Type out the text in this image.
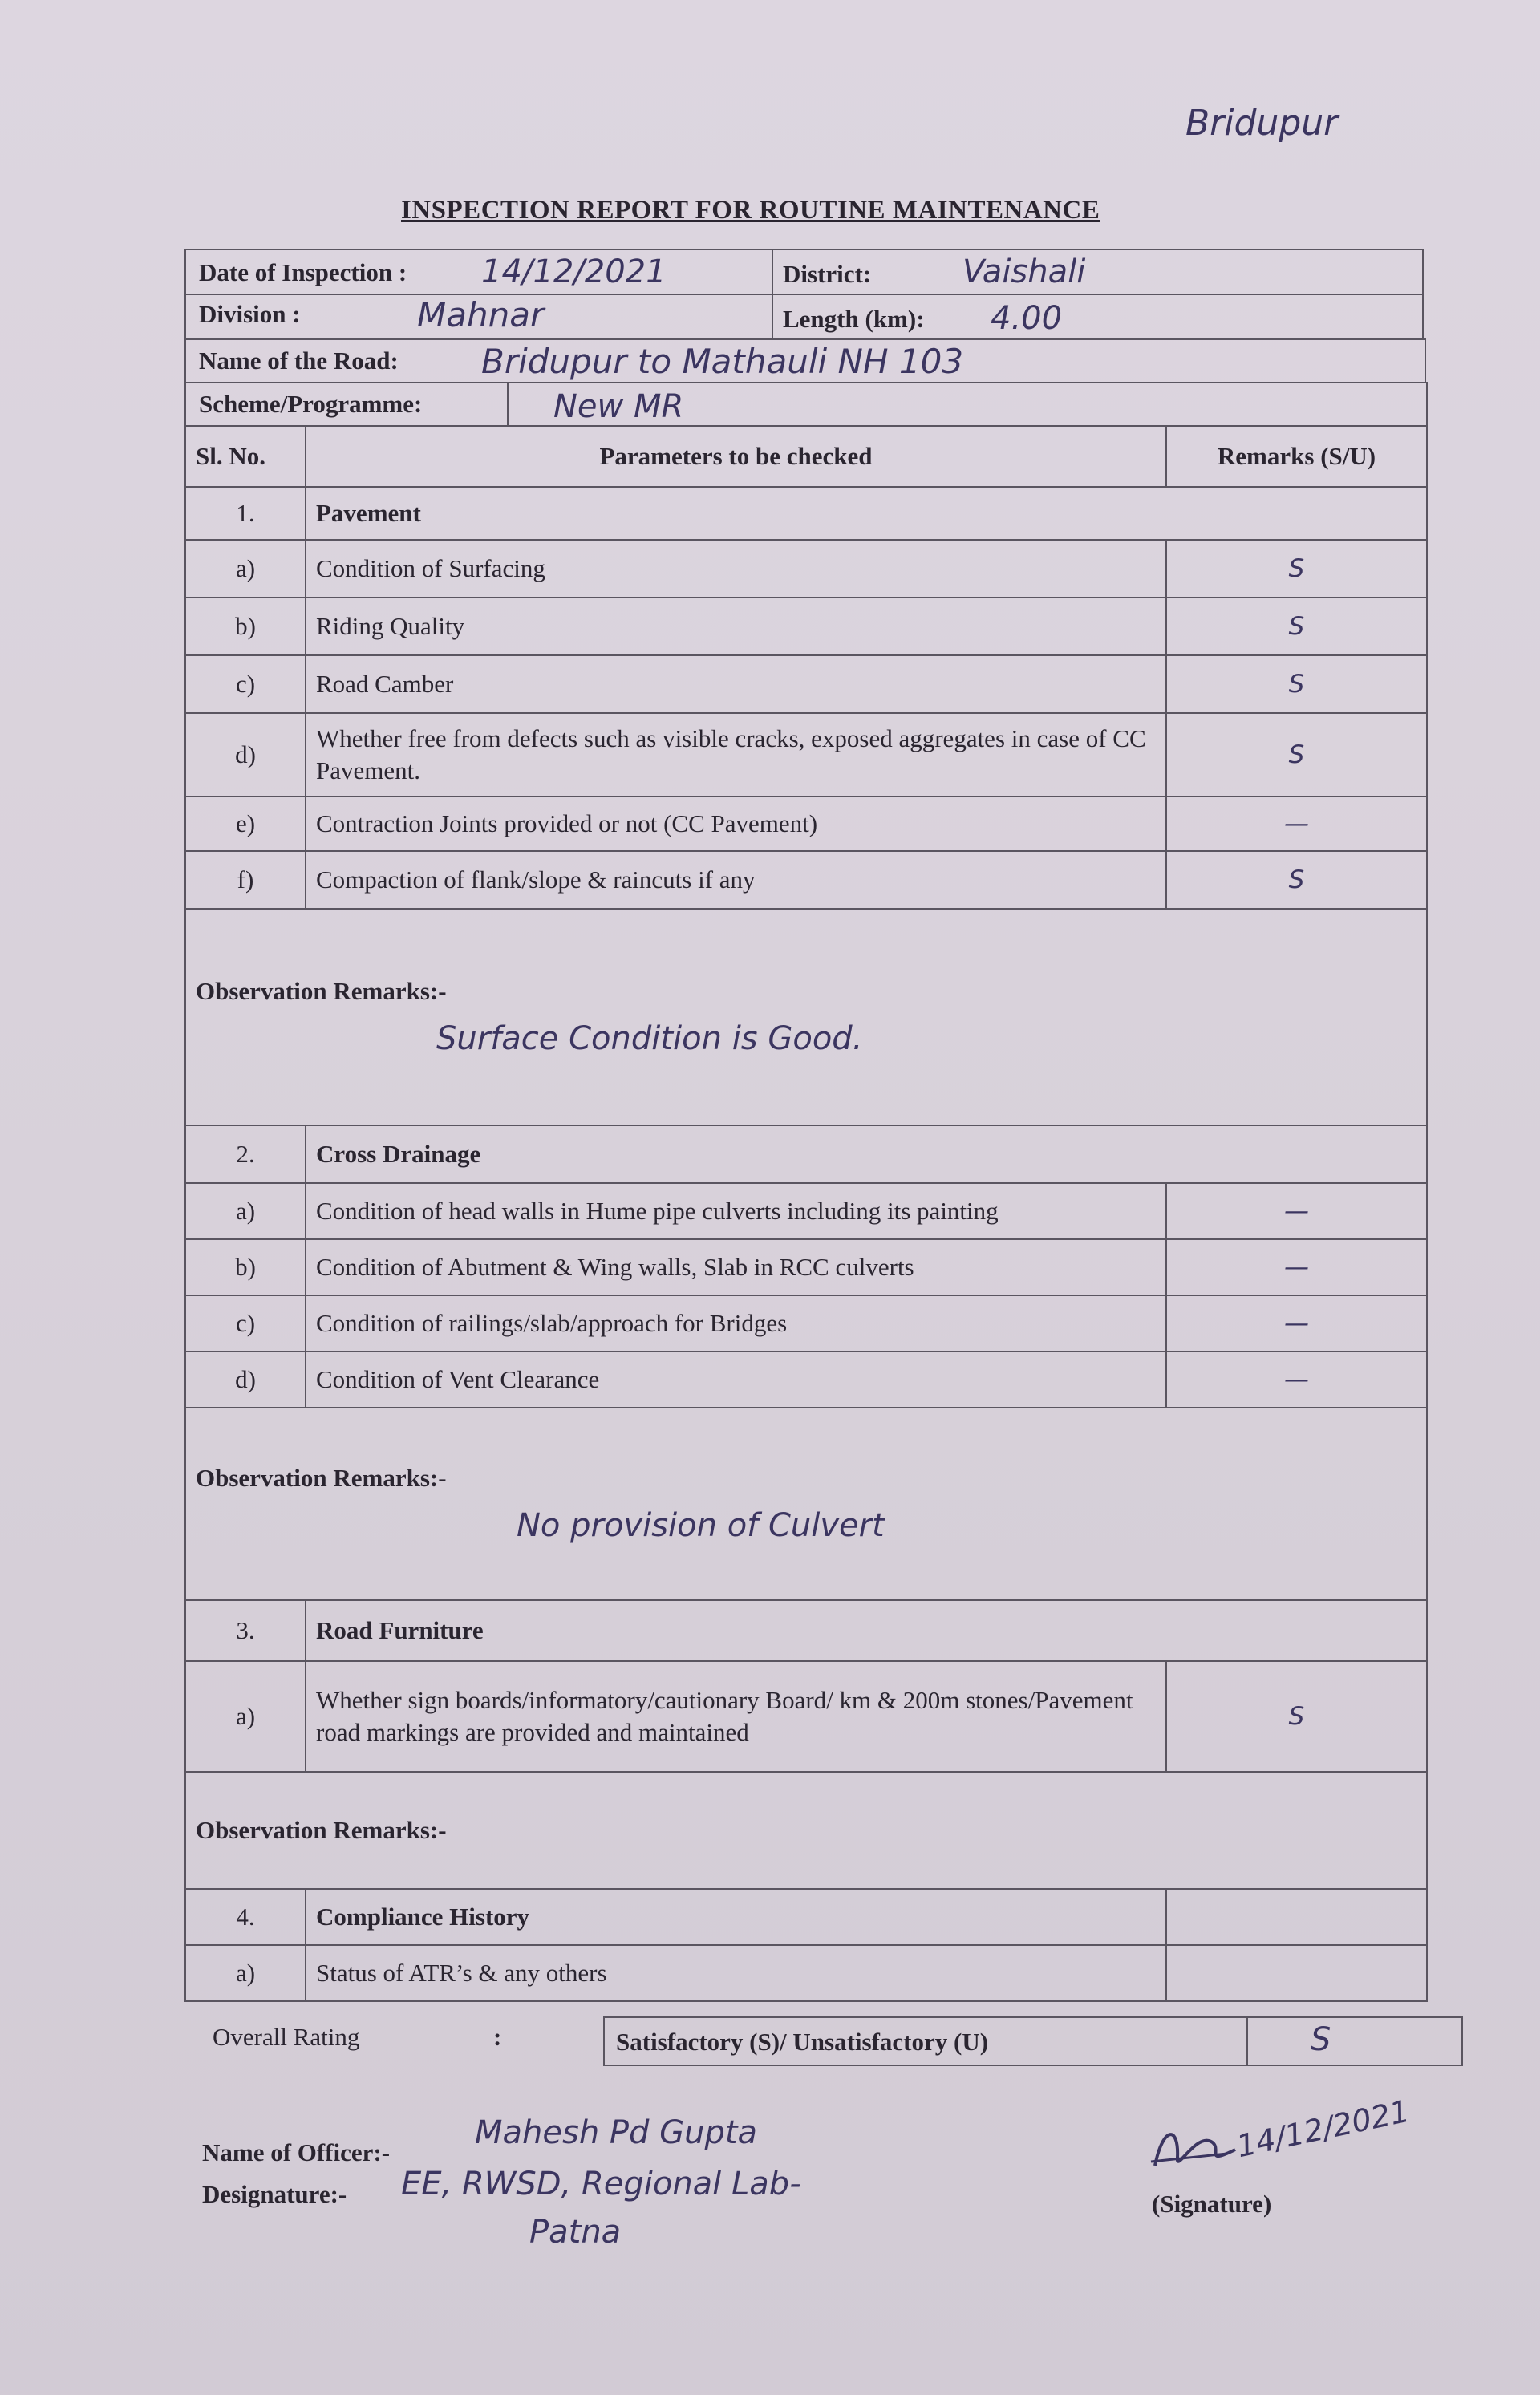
Bridupur
INSPECTION REPORT FOR ROUTINE MAINTENANCE
Date of Inspection : 14/12/2021	District:	Vaishali
Division :	Mahnar	Length (km): 4.00
Name of the Road: Bridupur to Mathauli NH 103
Scheme/Programme:	New MR
Sl. No.	Parameters to be checked	Remarks (S/U)
1.	Pavement	
a)	Condition of Surfacing	S
b)	Riding Quality	S
c)	Road Camber	S
d)	Whether free from defects such as visible cracks, exposed aggregates in case of CC Pavement.	S
e)	Contraction Joints provided or not (CC Pavement)	—
f)	Compaction of flank/slope & raincuts if any	S

Observation Remarks:-
Surface Condition is Good.		

2.	Cross Drainage	
a)	Condition of head walls in Hume pipe culverts including its painting	—
b)	Condition of Abutment & Wing walls, Slab in RCC culverts	—
c)	Condition of railings/slab/approach for Bridges	—
d)	Condition of Vent Clearance	—

Observation Remarks:-
No provision of Culvert		

3.	Road Furniture	
a)	Whether sign boards/informatory/cautionary Board/ km & 200m stones/Pavement road markings are provided and maintained	S

Observation Remarks:-		

4.	Compliance History	
a)	Status of ATR’s & any others	
Overall Rating	:	Satisfactory (S)/ Unsatisfactory (U)	S
Name of Officer:-
Mahesh Pd Gupta
Designature:- EE, RWSD, Regional Lab-
Patna
14/12/2021
(Signature)
